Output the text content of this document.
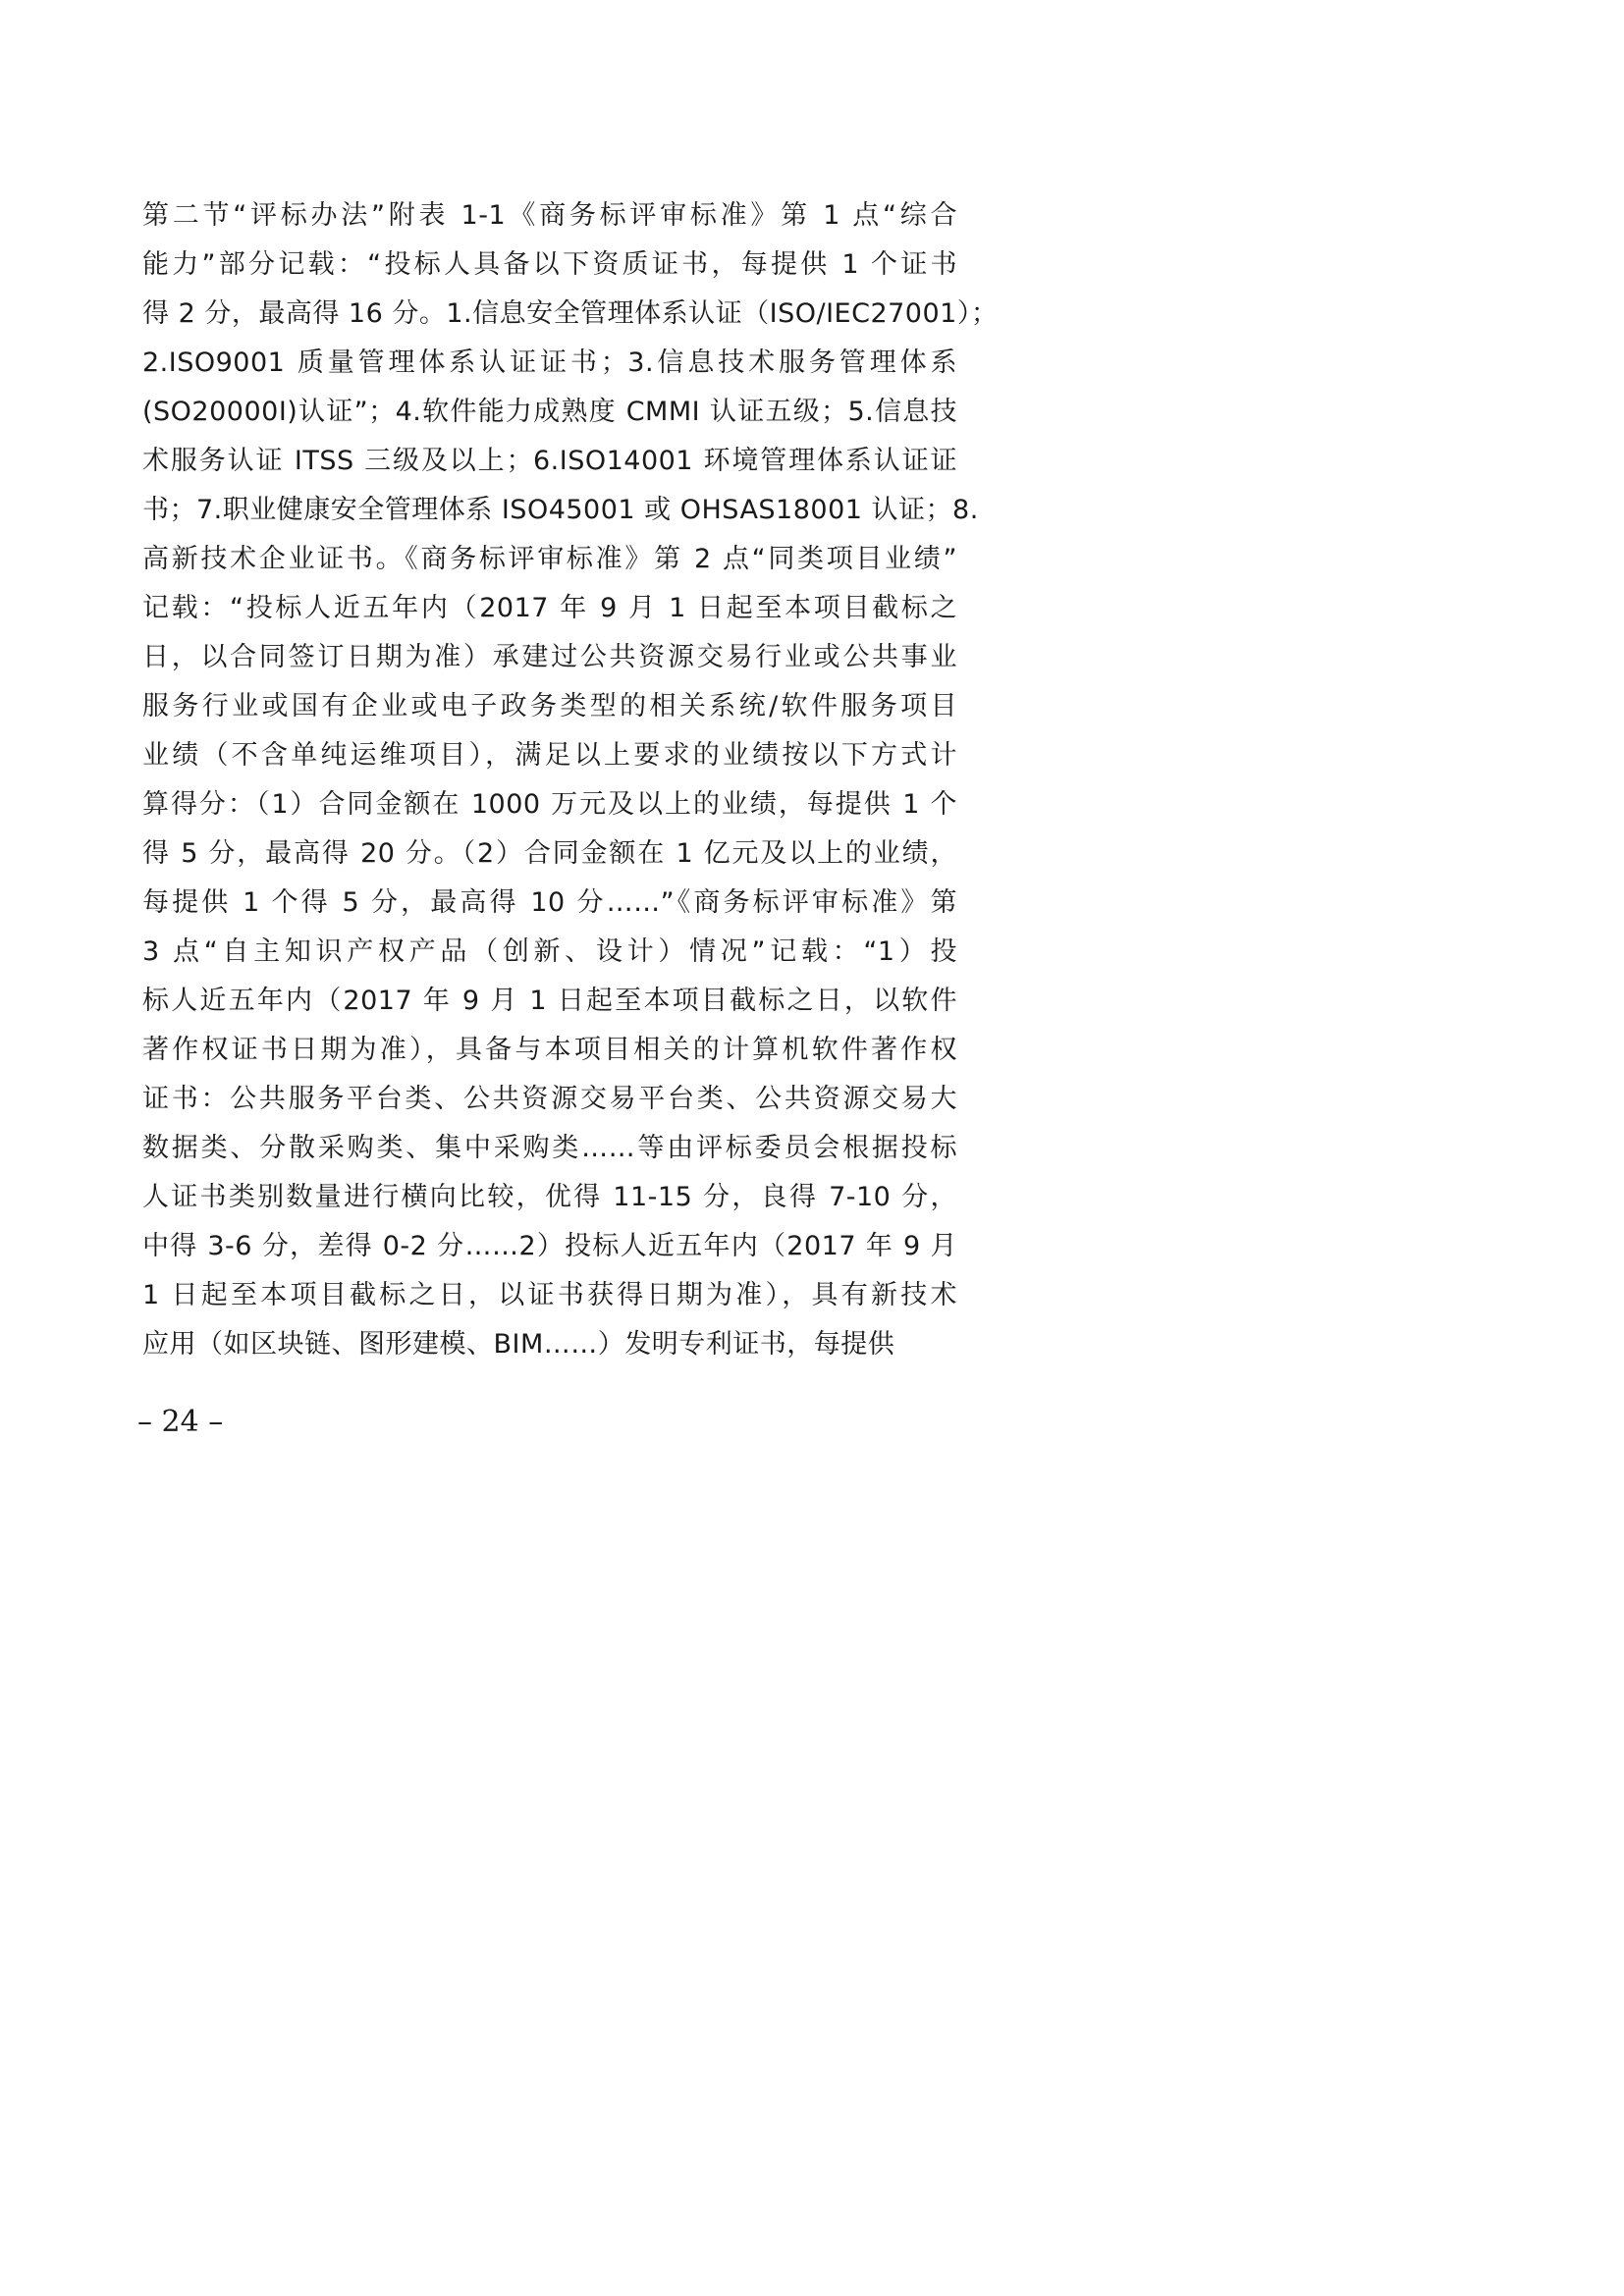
第二节“评标办法”附表 1-1《商务标评审标准》第 1 点“综合
能力”部分记载：“投标人具备以下资质证书，每提供 1 个证书
得 2 分，最高得 16 分。1.信息安全管理体系认证（ISO/IEC27001）；
2.ISO9001 质量管理体系认证证书；3.信息技术服务管理体系
(SO20000I)认证”；4.软件能力成熟度 CMMI 认证五级；5.信息技
术服务认证 ITSS 三级及以上；6.ISO14001 环境管理体系认证证
书；7.职业健康安全管理体系 ISO45001 或 OHSAS18001 认证；8.
高新技术企业证书。《商务标评审标准》第 2 点“同类项目业绩”
记载：“投标人近五年内（2017 年 9 月 1 日起至本项目截标之
日，以合同签订日期为准）承建过公共资源交易行业或公共事业
服务行业或国有企业或电子政务类型的相关系统/软件服务项目
业绩（不含单纯运维项目），满足以上要求的业绩按以下方式计
算得分：（1）合同金额在 1000 万元及以上的业绩，每提供 1 个
得 5 分，最高得 20 分。（2）合同金额在 1 亿元及以上的业绩，
每提供 1 个得 5 分，最高得 10 分……”《商务标评审标准》第
3 点“自主知识产权产品（创新、设计）情况”记载：“1）投
标人近五年内（2017 年 9 月 1 日起至本项目截标之日，以软件
著作权证书日期为准），具备与本项目相关的计算机软件著作权
证书：公共服务平台类、公共资源交易平台类、公共资源交易大
数据类、分散采购类、集中采购类……等由评标委员会根据投标
人证书类别数量进行横向比较，优得 11-15 分，良得 7-10 分，
中得 3-6 分，差得 0-2 分……2）投标人近五年内（2017 年 9 月
1 日起至本项目截标之日，以证书获得日期为准），具有新技术
应用（如区块链、图形建模、BIM……）发明专利证书，每提供
– 24 –
